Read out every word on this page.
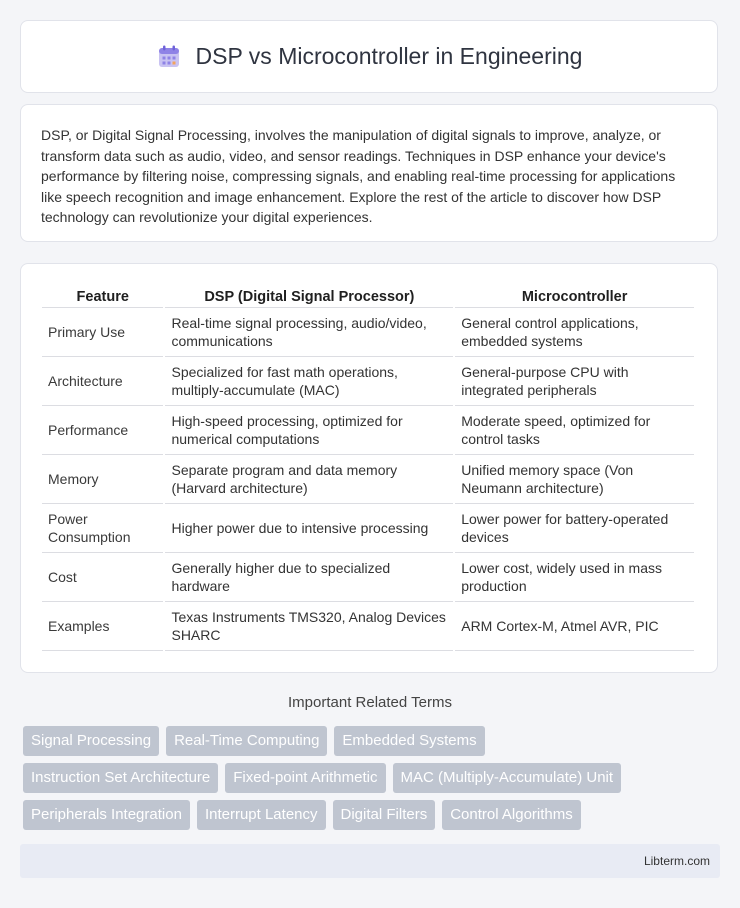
DSP vs Microcontroller in Engineering

DSP, or Digital Signal Processing, involves the manipulation of digital signals to improve, analyze, or transform data such as audio, video, and sensor readings. Techniques in DSP enhance your device's performance by filtering noise, compressing signals, and enabling real-time processing for applications like speech recognition and image enhancement. Explore the rest of the article to discover how DSP technology can revolutionize your digital experiences.

Feature	DSP (Digital Signal Processor)	Microcontroller
Primary Use	Real-time signal processing, audio/video, communications	General control applications, embedded systems
Architecture	Specialized for fast math operations, multiply-accumulate (MAC)	General-purpose CPU with integrated peripherals
Performance	High-speed processing, optimized for numerical computations	Moderate speed, optimized for control tasks
Memory	Separate program and data memory (Harvard architecture)	Unified memory space (Von Neumann architecture)
Power Consumption	Higher power due to intensive processing	Lower power for battery-operated devices
Cost	Generally higher due to specialized hardware	Lower cost, widely used in mass production
Examples	Texas Instruments TMS320, Analog Devices SHARC	ARM Cortex-M, Atmel AVR, PIC
Important Related Terms
Signal Processing	Real-Time Computing	Embedded Systems
Instruction Set Architecture	Fixed-point Arithmetic	MAC (Multiply-Accumulate) Unit
Peripherals Integration	Interrupt Latency	Digital Filters	Control Algorithms
Libterm.com
